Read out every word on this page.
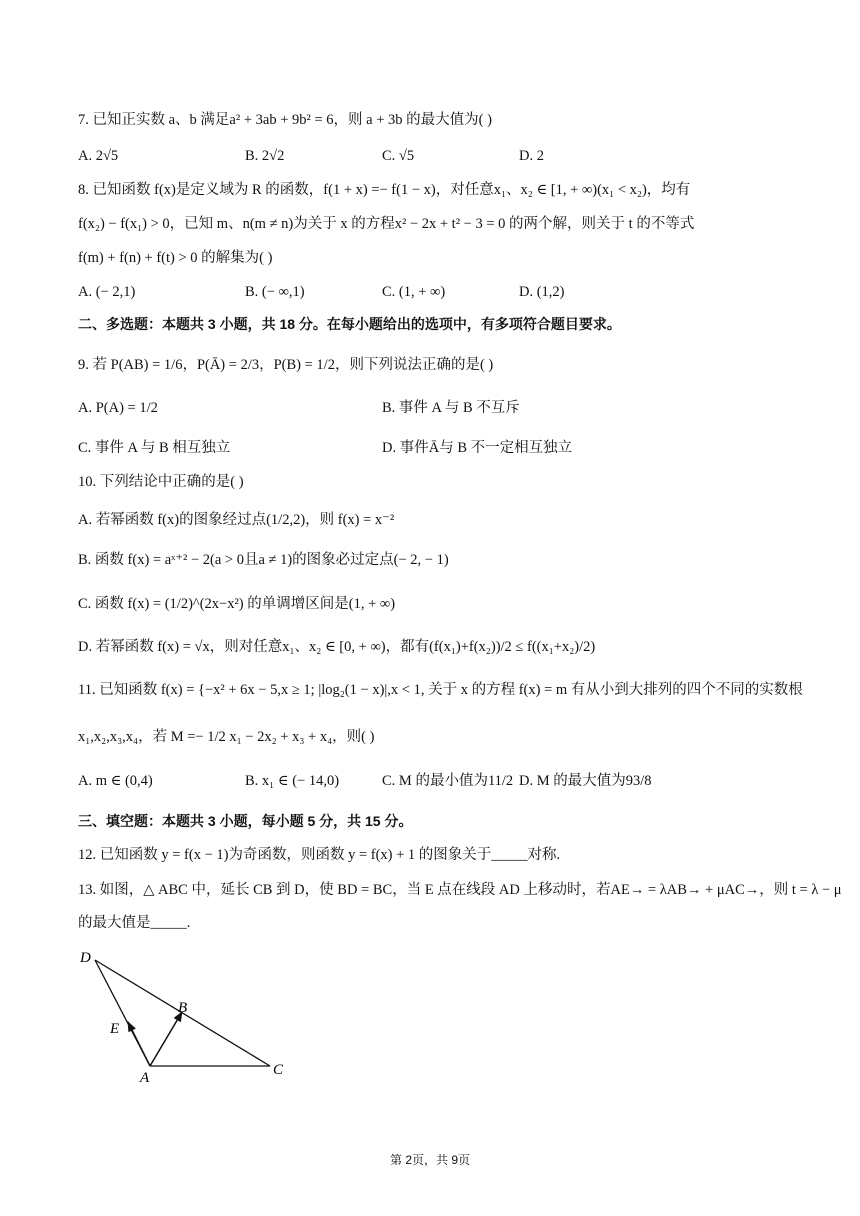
7. 已知正实数 a、b 满足a² + 3ab + 9b² = 6，则 a + 3b 的最大值为( )
A. 2√5	B. 2√2	C. √5	D. 2
8. 已知函数 f(x)是定义域为 R 的函数，f(1 + x) =− f(1 − x)，对任意x₁、x₂ ∈ [1, + ∞)(x₁ < x₂)，均有
f(x₂) − f(x₁) > 0，已知 m、n(m ≠ n)为关于 x 的方程x² − 2x + t² − 3 = 0 的两个解，则关于 t 的不等式
f(m) + f(n) + f(t) > 0 的解集为( )
A. (− 2,1)	B. (− ∞,1)	C. (1, + ∞)	D. (1,2)
二、多选题：本题共 3 小题，共 18 分。在每小题给出的选项中，有多项符合题目要求。
9. 若 P(AB) = 1/6，P(Ā) = 2/3，P(B) = 1/2，则下列说法正确的是( )
A. P(A) = 1/2	B. 事件 A 与 B 不互斥
C. 事件 A 与 B 相互独立	D. 事件Ā与 B 不一定相互独立
10. 下列结论中正确的是( )
A. 若幂函数 f(x)的图象经过点(1/2,2)，则 f(x) = x⁻²
B. 函数 f(x) = aˣ⁺² − 2(a > 0且a ≠ 1)的图象必过定点(− 2, − 1)
C. 函数 f(x) = (1/2)^(2x−x²) 的单调增区间是(1, + ∞)
D. 若幂函数 f(x) = √x，则对任意x₁、x₂ ∈ [0, + ∞)，都有(f(x₁)+f(x₂))/2 ≤ f((x₁+x₂)/2)
11. 已知函数 f(x) = {−x² + 6x − 5,x ≥ 1; |log₂(1 − x)|,x < 1, 关于 x 的方程 f(x) = m 有从小到大排列的四个不同的实数根
x₁,x₂,x₃,x₄，若 M =− 1/2 x₁ − 2x₂ + x₃ + x₄，则( )
A. m ∈ (0,4)	B. x₁ ∈ (− 14,0)	C. M 的最小值为11/2 D. M 的最大值为93/8
三、填空题：本题共 3 小题，每小题 5 分，共 15 分。
12. 已知函数 y = f(x − 1)为奇函数，则函数 y = f(x) + 1 的图象关于_____对称.
13. 如图，△ ABC 中，延长 CB 到 D，使 BD = BC，当 E 点在线段 AD 上移动时，若AE→ = λAB→ + μAC→，则 t = λ − μ
的最大值是_____.
D
B
E
A	C
第 2页，共 9页
